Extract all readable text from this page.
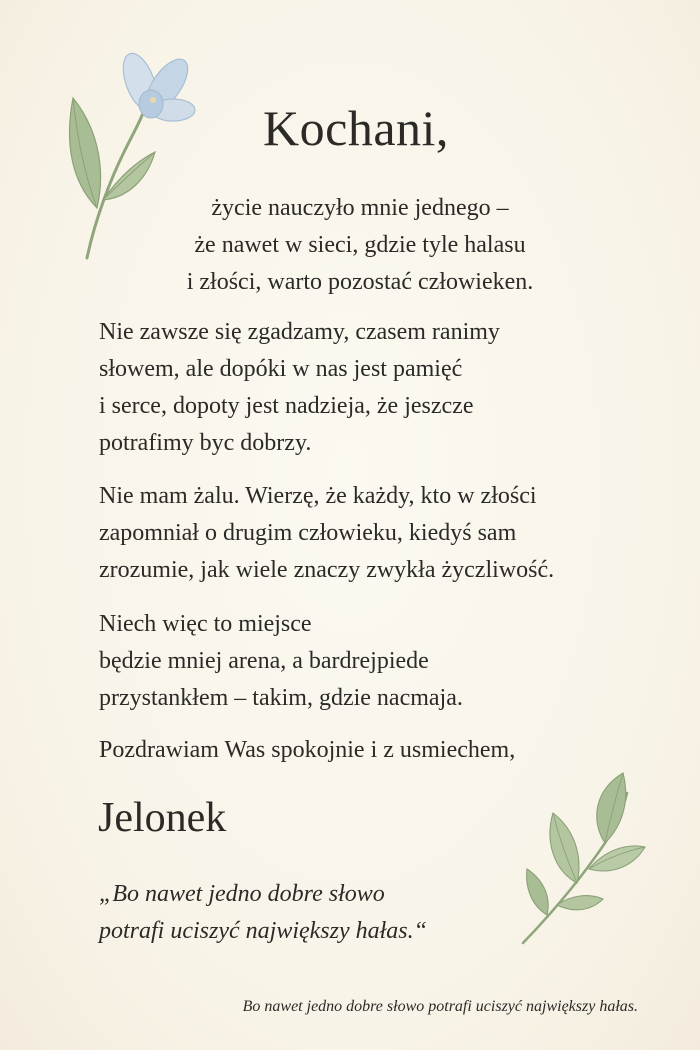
Kochani,

życie nauczyło mnie jednego –
że nawet w sieci, gdzie tyle halasu
i złości, warto pozostać człowieken.

Nie zawsze się zgadzamy, czasem ranimy
słowem, ale dopóki w nas jest pamięć
i serce, dopoty jest nadzieja, że jeszcze
potrafimy byc dobrzy.

Nie mam żalu. Wierzę, że każdy, kto w złości
zapomniał o drugim człowieku, kiedyś sam
zrozumie, jak wiele znaczy zwykła życzliwość.

Niech więc to miejsce
będzie mniej arena, a bardrejpiede
przystankłem – takim, gdzie nacmaja.

Pozdrawiam Was spokojnie i z usmiechem,

Jelonek

„Bo nawet jedno dobre słowo
potrafi uciszyć największy hałas.“

Bo nawet jedno dobre słowo potrafi uciszyć największy hałas.
